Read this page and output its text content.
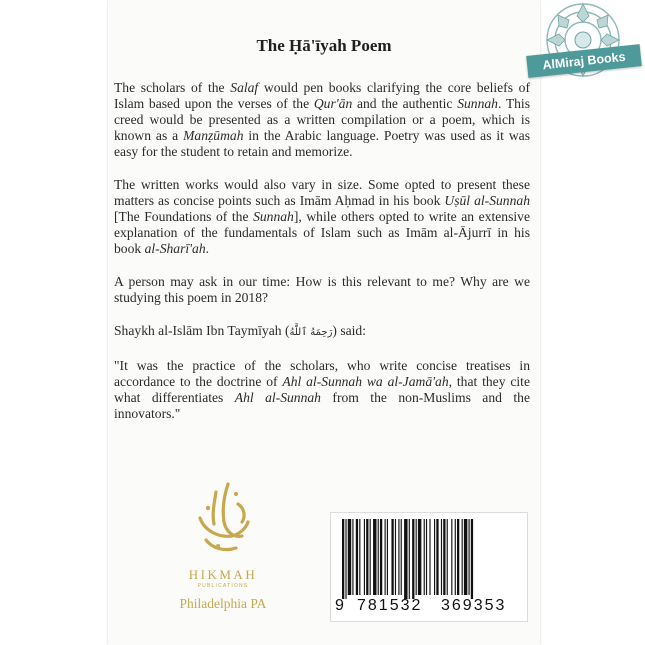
The Ḥā'īyah Poem

The scholars of the Salaf would pen books clarifying the core beliefs of Islam based upon the verses of the Qur'ān and the authentic Sunnah. This creed would be presented as a written compilation or a poem, which is known as a Manẓūmah in the Arabic language. Poetry was used as it was easy for the student to retain and memorize.

The written works would also vary in size. Some opted to present these matters as concise points such as Imām Aḥmad in his book Uṣūl al-Sunnah [The Foundations of the Sunnah], while others opted to write an extensive explanation of the fundamentals of Islam such as Imām al-Ājurrī in his book al-Sharī'ah.

A person may ask in our time: How is this relevant to me? Why are we studying this poem in 2018?

Shaykh al-Islām Ibn Taymīyah (رَحِمَهُ ٱللَّهُ) said:

"It was the practice of the scholars, who write concise treatises in accordance to the doctrine of Ahl al-Sunnah wa al-Jamā'ah, that they cite what differentiates Ahl al-Sunnah from the non-Muslims and the innovators."

HIKMAH
PUBLICATIONS
Philadelphia PA	9 781532 369353
AlMiraj Books
